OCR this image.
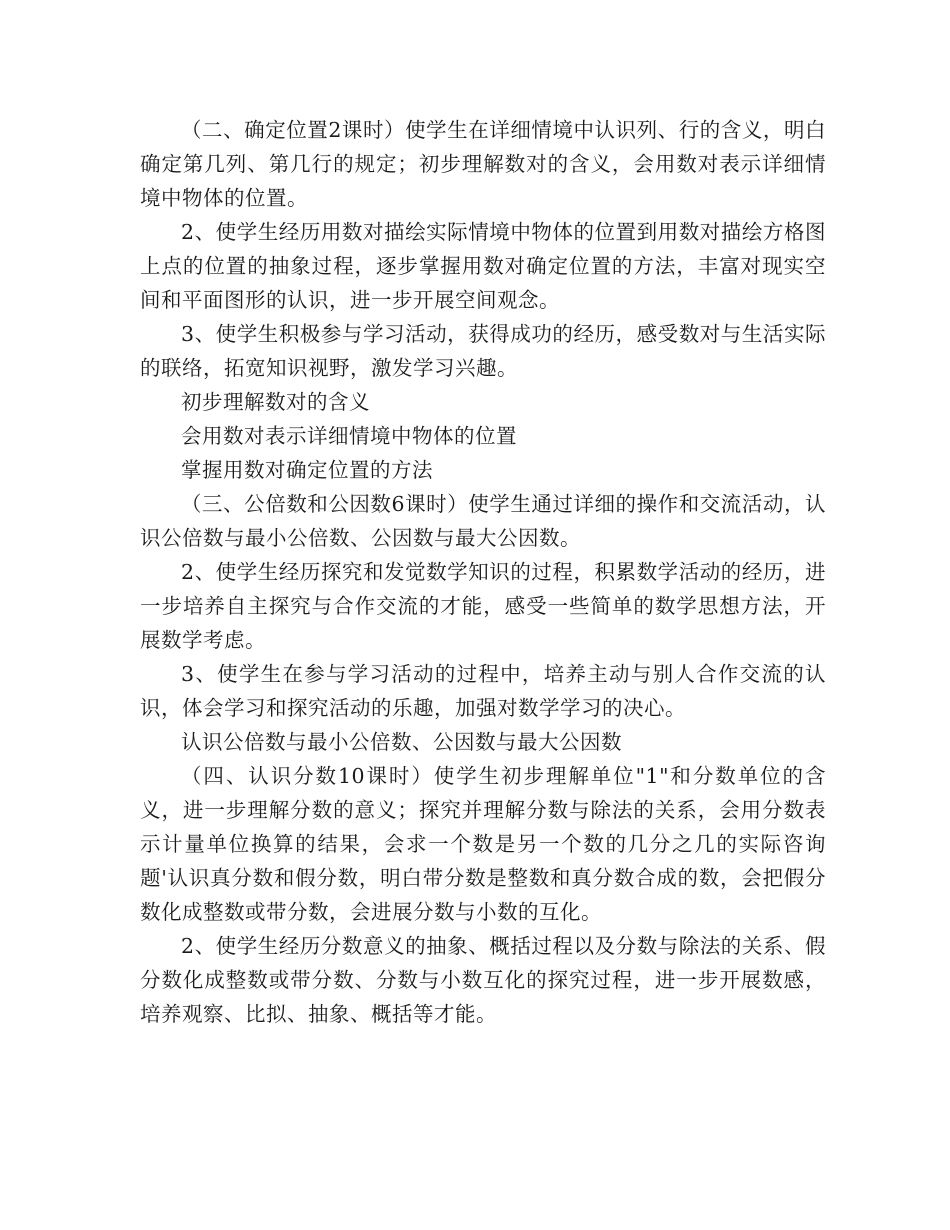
（二、确定位置2课时）使学生在详细情境中认识列、行的含义，明白确定第几列、第几行的规定；初步理解数对的含义，会用数对表示详细情境中物体的位置。

2、使学生经历用数对描绘实际情境中物体的位置到用数对描绘方格图上点的位置的抽象过程，逐步掌握用数对确定位置的方法，丰富对现实空间和平面图形的认识，进一步开展空间观念。

3、使学生积极参与学习活动，获得成功的经历，感受数对与生活实际的联络，拓宽知识视野，激发学习兴趣。

初步理解数对的含义

会用数对表示详细情境中物体的位置

掌握用数对确定位置的方法

（三、公倍数和公因数6课时）使学生通过详细的操作和交流活动，认识公倍数与最小公倍数、公因数与最大公因数。

2、使学生经历探究和发觉数学知识的过程，积累数学活动的经历，进一步培养自主探究与合作交流的才能，感受一些简单的数学思想方法，开展数学考虑。

3、使学生在参与学习活动的过程中，培养主动与别人合作交流的认识，体会学习和探究活动的乐趣，加强对数学学习的决心。

认识公倍数与最小公倍数、公因数与最大公因数

（四、认识分数10课时）使学生初步理解单位"1"和分数单位的含义，进一步理解分数的意义；探究并理解分数与除法的关系，会用分数表示计量单位换算的结果，会求一个数是另一个数的几分之几的实际咨询题'认识真分数和假分数，明白带分数是整数和真分数合成的数，会把假分数化成整数或带分数，会进展分数与小数的互化。

2、使学生经历分数意义的抽象、概括过程以及分数与除法的关系、假分数化成整数或带分数、分数与小数互化的探究过程，进一步开展数感，培养观察、比拟、抽象、概括等才能。
